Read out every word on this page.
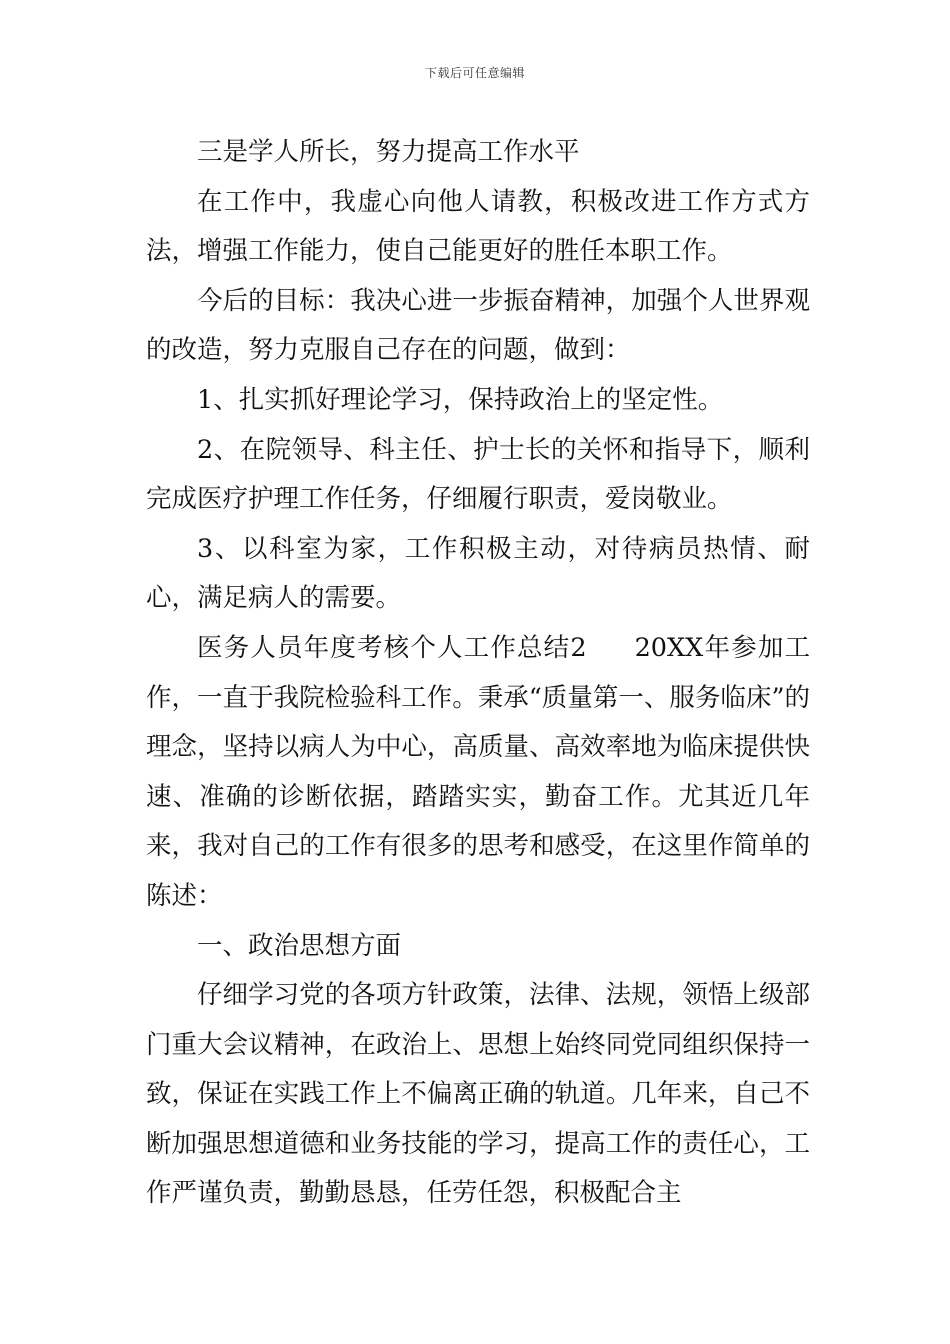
下载后可任意编辑

三是学人所长，努力提高工作水平

在工作中，我虚心向他人请教，积极改进工作方式方法，增强工作能力，使自己能更好的胜任本职工作。

今后的目标：我决心进一步振奋精神，加强个人世界观的改造，努力克服自己存在的问题，做到：

1、扎实抓好理论学习，保持政治上的坚定性。

2、在院领导、科主任、护士长的关怀和指导下，顺利完成医疗护理工作任务，仔细履行职责，爱岗敬业。

3、以科室为家，工作积极主动，对待病员热情、耐心，满足病人的需要。

医务人员年度考核个人工作总结2 20XX年参加工作，一直于我院检验科工作。秉承“质量第一、服务临床”的理念，坚持以病人为中心，高质量、高效率地为临床提供快速、准确的诊断依据，踏踏实实，勤奋工作。尤其近几年来，我对自己的工作有很多的思考和感受，在这里作简单的陈述：

一、政治思想方面

仔细学习党的各项方针政策，法律、法规，领悟上级部门重大会议精神，在政治上、思想上始终同党同组织保持一致，保证在实践工作上不偏离正确的轨道。几年来，自己不断加强思想道德和业务技能的学习，提高工作的责任心，工作严谨负责，勤勤恳恳，任劳任怨，积极配合主
